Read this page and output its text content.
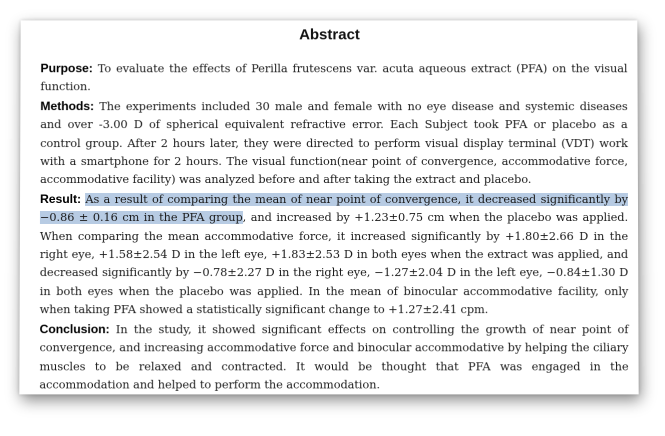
Abstract

Purpose: To evaluate the effects of Perilla frutescens var. acuta aqueous extract (PFA) on the visual function.

Methods: The experiments included 30 male and female with no eye disease and systemic diseases and over -3.00 D of spherical equivalent refractive error. Each Subject took PFA or placebo as a control group. After 2 hours later, they were directed to perform visual display terminal (VDT) work with a smartphone for 2 hours. The visual function(near point of convergence, accommodative force, accommodative facility) was analyzed before and after taking the extract and placebo.

Result: As a result of comparing the mean of near point of convergence, it decreased significantly by −0.86 ± 0.16 cm in the PFA group, and increased by +1.23±0.75 cm when the placebo was applied. When comparing the mean accommodative force, it increased significantly by +1.80±2.66 D in the right eye, +1.58±2.54 D in the left eye, +1.83±2.53 D in both eyes when the extract was applied, and decreased significantly by −0.78±2.27 D in the right eye, −1.27±2.04 D in the left eye, −0.84±1.30 D in both eyes when the placebo was applied. In the mean of binocular accommodative facility, only when taking PFA showed a statistically significant change to +1.27±2.41 cpm.

Conclusion: In the study, it showed significant effects on controlling the growth of near point of convergence, and increasing accommodative force and binocular accommodative by helping the ciliary muscles to be relaxed and contracted. It would be thought that PFA was engaged in the accommodation and helped to perform the accommodation.
